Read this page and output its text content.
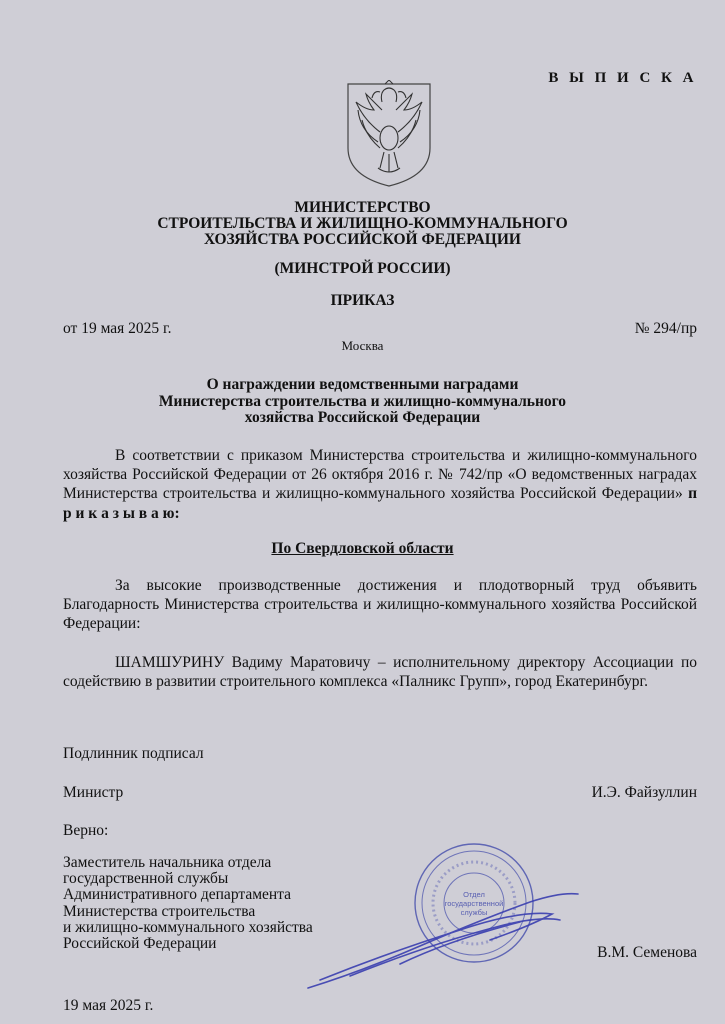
В Ы П И С К А
МИНИСТЕРСТВО
СТРОИТЕЛЬСТВА И ЖИЛИЩНО-КОММУНАЛЬНОГО
ХОЗЯЙСТВА РОССИЙСКОЙ ФЕДЕРАЦИИ
(МИНСТРОЙ РОССИИ)
ПРИКАЗ
от 19 мая 2025 г.	№ 294/пр
Москва
О награждении ведомственными наградами
Министерства строительства и жилищно-коммунального
хозяйства Российской Федерации
В соответствии с приказом Министерства строительства и жилищно-коммунального хозяйства Российской Федерации от 26 октября 2016 г. № 742/пр «О ведомственных наградах Министерства строительства и жилищно-коммунального хозяйства Российской Федерации» п р и к а з ы в а ю:
По Свердловской области
За высокие производственные достижения и плодотворный труд объявить Благодарность Министерства строительства и жилищно-коммунального хозяйства Российской Федерации:
ШАМШУРИНУ Вадиму Маратовичу – исполнительному директору Ассоциации по содействию в развитии строительного комплекса «Палникс Групп», город Екатеринбург.
Подлинник подписал
Министр	И.Э. Файзуллин
Верно:
Заместитель начальника отдела
государственной службы
Административного департамента
Министерства строительства
и жилищно-коммунального хозяйства
Российской Федерации
Отдел
государственной
службы
В.М. Семенова
19 мая 2025 г.
